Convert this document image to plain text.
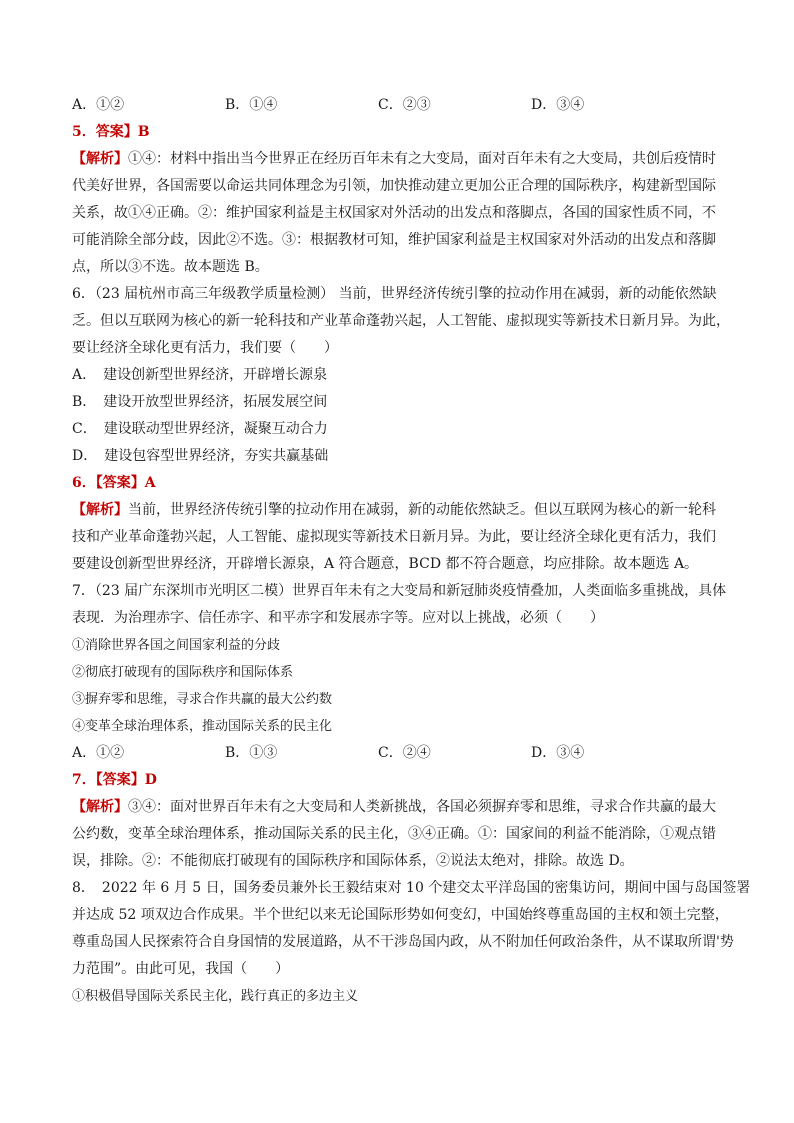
A．①②	B．①④	C．②③	D．③④
5．答案】B
【解析】①④：材料中指出当今世界正在经历百年未有之大变局，面对百年未有之大变局，共创后疫情时
代美好世界，各国需要以命运共同体理念为引领，加快推动建立更加公正合理的国际秩序，构建新型国际
关系，故①④正确。②：维护国家利益是主权国家对外活动的出发点和落脚点，各国的国家性质不同，不
可能消除全部分歧，因此②不选。③：根据教材可知，维护国家利益是主权国家对外活动的出发点和落脚
点，所以③不选。故本题选 B。
6．（23 届杭州市高三年级教学质量检测） 当前，世界经济传统引擎的拉动作用在减弱，新的动能依然缺
乏。但以互联网为核心的新一轮科技和产业革命蓬勃兴起，人工智能、虚拟现实等新技术日新月异。为此，
要让经济全球化更有活力，我们要（　　）
A．　建设创新型世界经济，开辟增长源泉
B．　建设开放型世界经济，拓展发展空间
C．　建设联动型世界经济，凝聚互动合力
D．　建设包容型世界经济，夯实共赢基础
6．【答案】A
【解析】当前，世界经济传统引擎的拉动作用在减弱，新的动能依然缺乏。但以互联网为核心的新一轮科
技和产业革命蓬勃兴起，人工智能、虚拟现实等新技术日新月异。为此，要让经济全球化更有活力，我们
要建设创新型世界经济，开辟增长源泉，A 符合题意，BCD 都不符合题意，均应排除。故本题选 A。
7．（23 届广东深圳市光明区二模）世界百年未有之大变局和新冠肺炎疫情叠加，人类面临多重挑战，具体
表现．为治理赤字、信任赤字、和平赤字和发展赤字等。应对以上挑战，必须（　　）
①消除世界各国之间国家利益的分歧
②彻底打破现有的国际秩序和国际体系
③摒弃零和思维，寻求合作共赢的最大公约数
④变革全球治理体系，推动国际关系的民主化
A．①②	B．①③	C．②④	D．③④
7．【答案】D
【解析】③④：面对世界百年未有之大变局和人类新挑战，各国必须摒弃零和思维，寻求合作共赢的最大
公约数，变革全球治理体系，推动国际关系的民主化，③④正确。①：国家间的利益不能消除，①观点错
误，排除。②：不能彻底打破现有的国际秩序和国际体系，②说法太绝对，排除。故选 D。
8．　2022 年 6 月 5 日，国务委员兼外长王毅结束对 10 个建交太平洋岛国的密集访问，期间中国与岛国签署
并达成 52 项双边合作成果。半个世纪以来无论国际形势如何变幻，中国始终尊重岛国的主权和领土完整，
尊重岛国人民探索符合自身国情的发展道路，从不干涉岛国内政，从不附加任何政治条件，从不谋取所谓'势
力范围”。由此可见，我国（　　）
①积极倡导国际关系民主化，践行真正的多边主义
